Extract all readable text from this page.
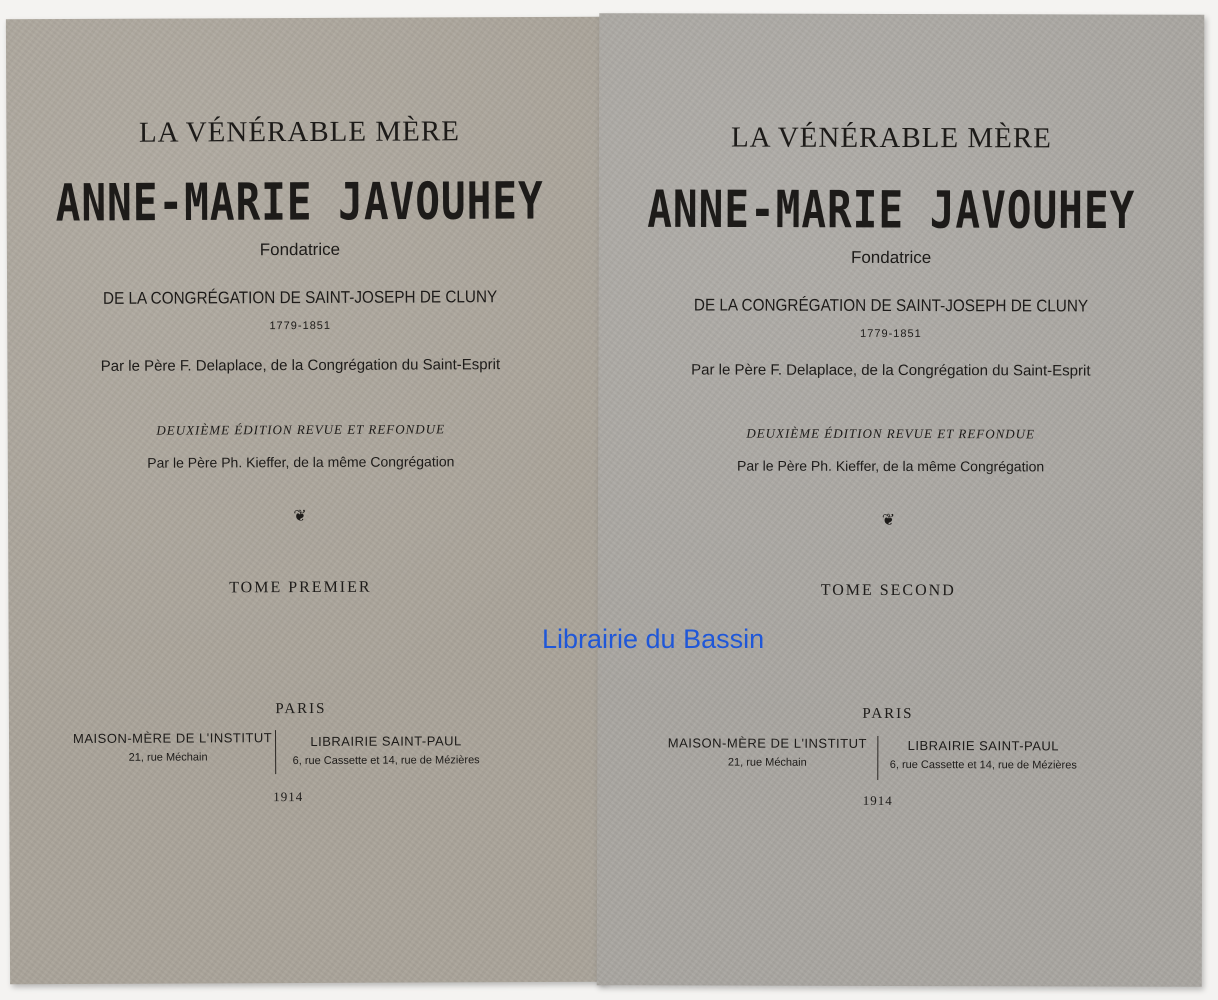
LA VÉNÉRABLE MÈRE
ANNE-MARIE JAVOUHEY
Fondatrice
DE LA CONGRÉGATION DE SAINT-JOSEPH DE CLUNY
1779-1851
Par le Père F. Delaplace, de la Congrégation du Saint-Esprit
DEUXIÈME ÉDITION REVUE ET REFONDUE
Par le Père Ph. Kieffer, de la même Congrégation
❦
TOME PREMIER
PARIS
MAISON-MÈRE DE L'INSTITUT
21, rue Méchain
LIBRAIRIE SAINT-PAUL
6, rue Cassette et 14, rue de Mézières
1914
LA VÉNÉRABLE MÈRE
ANNE-MARIE JAVOUHEY
Fondatrice
DE LA CONGRÉGATION DE SAINT-JOSEPH DE CLUNY
1779-1851
Par le Père F. Delaplace, de la Congrégation du Saint-Esprit
DEUXIÈME ÉDITION REVUE ET REFONDUE
Par le Père Ph. Kieffer, de la même Congrégation
❦
TOME SECOND
PARIS
MAISON-MÈRE DE L'INSTITUT
21, rue Méchain
LIBRAIRIE SAINT-PAUL
6, rue Cassette et 14, rue de Mézières
1914
Librairie du Bassin
